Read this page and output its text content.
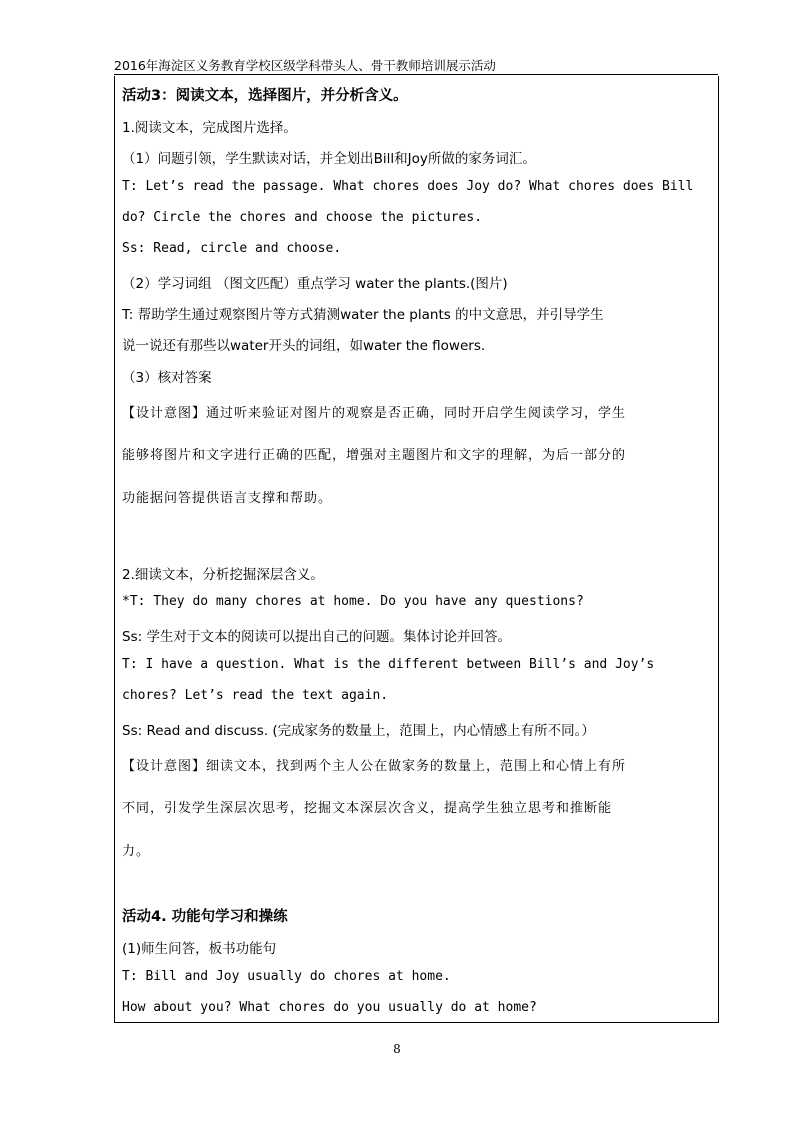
2016年海淀区义务教育学校区级学科带头人、骨干教师培训展示活动
活动3：阅读文本，选择图片，并分析含义。
1.阅读文本，完成图片选择。
（1）问题引领，学生默读对话，并全划出Bill和Joy所做的家务词汇。
T: Let’s read the passage. What chores does Joy do? What chores does Bill
do? Circle the chores and choose the pictures.
Ss: Read, circle and choose.
（2）学习词组 （图文匹配）重点学习 water the plants.(图片)
T: 帮助学生通过观察图片等方式猜测water the plants 的中文意思，并引导学生
说一说还有那些以water开头的词组，如water the flowers.
（3）核对答案
【设计意图】通过听来验证对图片的观察是否正确，同时开启学生阅读学习，学生
能够将图片和文字进行正确的匹配，增强对主题图片和文字的理解，为后一部分的
功能据问答提供语言支撑和帮助。
2.细读文本，分析挖掘深层含义。
*T: They do many chores at home. Do you have any questions?
Ss: 学生对于文本的阅读可以提出自己的问题。集体讨论并回答。
T: I have a question. What is the different between Bill’s and Joy’s
chores? Let’s read the text again.
Ss: Read and discuss. (完成家务的数量上，范围上，内心情感上有所不同。）
【设计意图】细读文本，找到两个主人公在做家务的数量上，范围上和心情上有所
不同，引发学生深层次思考，挖掘文本深层次含义，提高学生独立思考和推断能
力。
活动4. 功能句学习和操练
(1)师生问答，板书功能句
T: Bill and Joy usually do chores at home.
How about you? What chores do you usually do at home?
8
